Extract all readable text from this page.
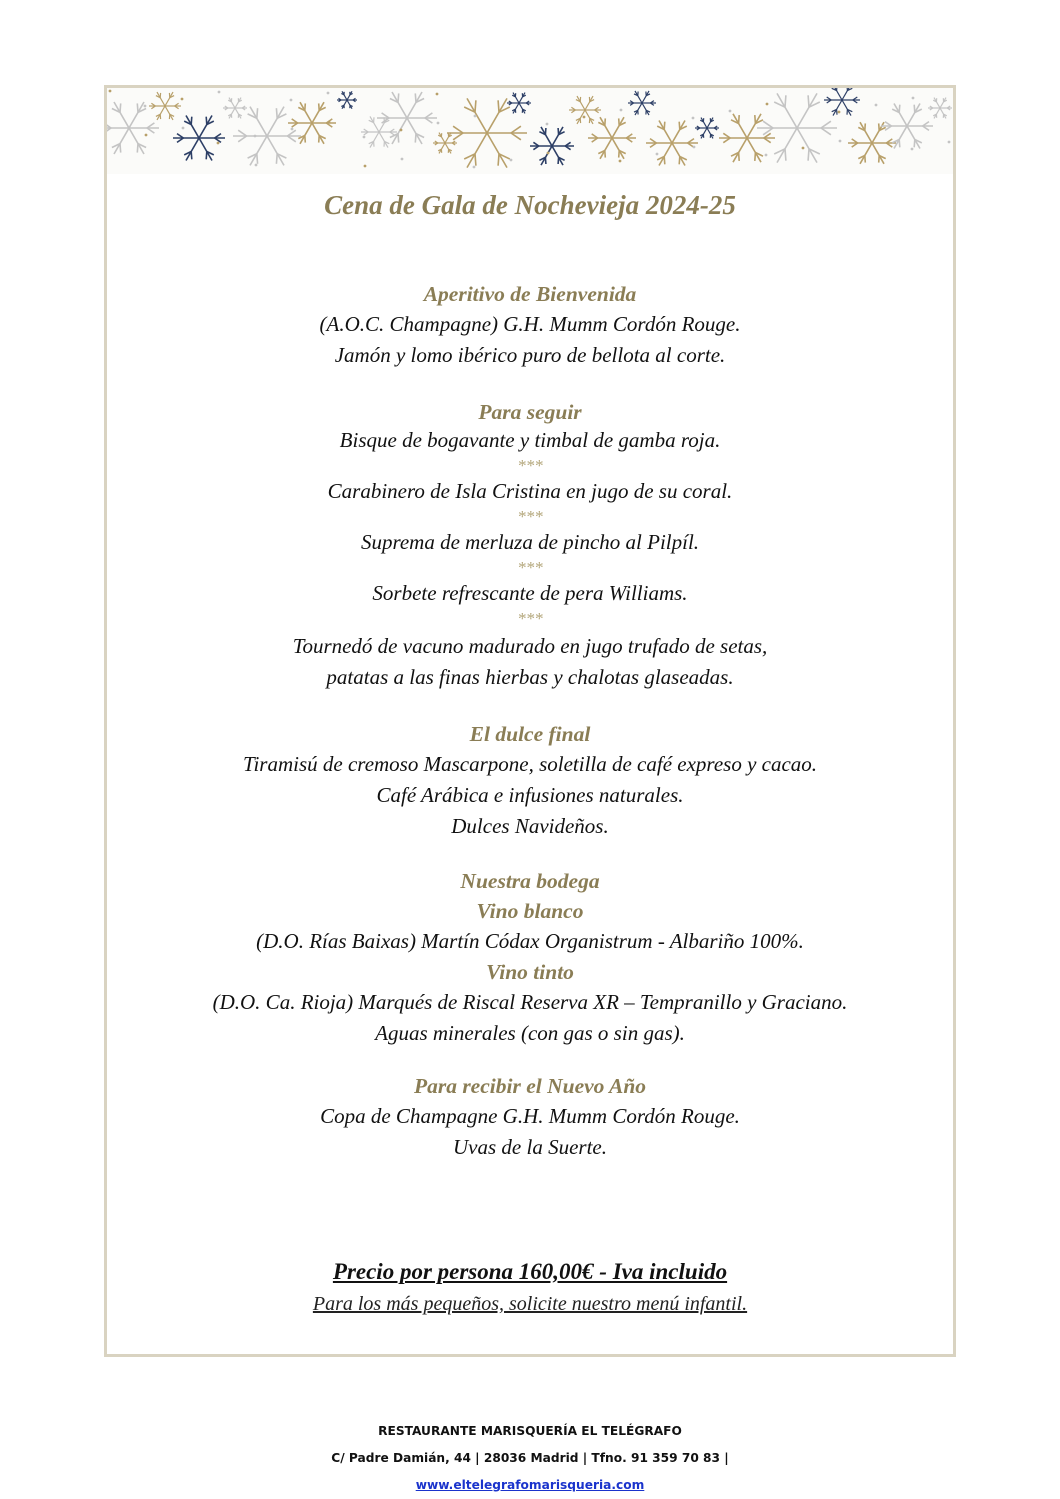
Cena de Gala de Nochevieja 2024-25
Aperitivo de Bienvenida
(A.O.C. Champagne) G.H. Mumm Cordón Rouge.
Jamón y lomo ibérico puro de bellota al corte.
Para seguir
Bisque de bogavante y timbal de gamba roja.
***
Carabinero de Isla Cristina en jugo de su coral.
***
Suprema de merluza de pincho al Pilpíl.
***
Sorbete refrescante de pera Williams.
***
Tournedó de vacuno madurado en jugo trufado de setas,
patatas a las finas hierbas y chalotas glaseadas.
El dulce final
Tiramisú de cremoso Mascarpone, soletilla de café expreso y cacao.
Café Arábica e infusiones naturales.
Dulces Navideños.
Nuestra bodega
Vino blanco
(D.O. Rías Baixas) Martín Códax Organistrum - Albariño 100%.
Vino tinto
(D.O. Ca. Rioja) Marqués de Riscal Reserva XR – Tempranillo y Graciano.
Aguas minerales (con gas o sin gas).
Para recibir el Nuevo Año
Copa de Champagne G.H. Mumm Cordón Rouge.
Uvas de la Suerte.
Precio por persona 160,00€ - Iva incluido
Para los más pequeños, solicite nuestro menú infantil.
RESTAURANTE MARISQUERÍA EL TELÉGRAFO
C/ Padre Damián, 44 | 28036 Madrid | Tfno. 91 359 70 83 |
www.eltelegrafomarisqueria.com
